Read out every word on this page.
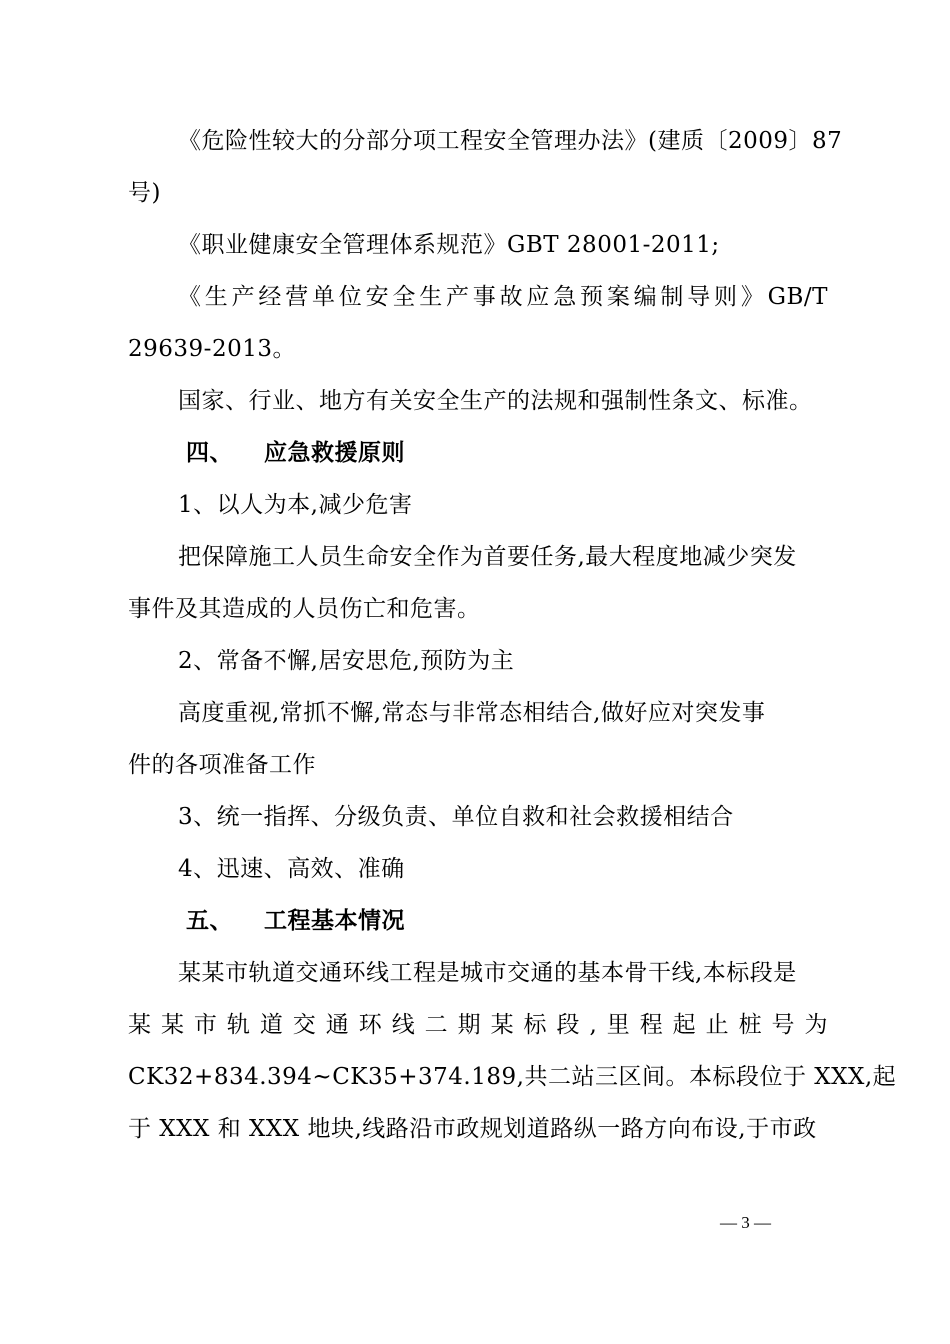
《危险性较大的分部分项工程安全管理办法》(建质〔2009〕87
号)
《职业健康安全管理体系规范》GBT 28001-2011;
《生产经营单位安全生产事故应急预案编制导则》GB/T
29639-2013。
国家、行业、地方有关安全生产的法规和强制性条文、标准。
四、 应急救援原则
1、以人为本,减少危害
把保障施工人员生命安全作为首要任务,最大程度地减少突发
事件及其造成的人员伤亡和危害。
2、常备不懈,居安思危,预防为主
高度重视,常抓不懈,常态与非常态相结合,做好应对突发事
件的各项准备工作
3、统一指挥、分级负责、单位自救和社会救援相结合
4、迅速、高效、准确
五、 工程基本情况
某某市轨道交通环线工程是城市交通的基本骨干线,本标段是
某某市轨道交通环线二期某标段,里程起止桩号为
CK32+834.394~CK35+374.189,共二站三区间。本标段位于 XXX,起
于 XXX 和 XXX 地块,线路沿市政规划道路纵一路方向布设,于市政
— 3 —
